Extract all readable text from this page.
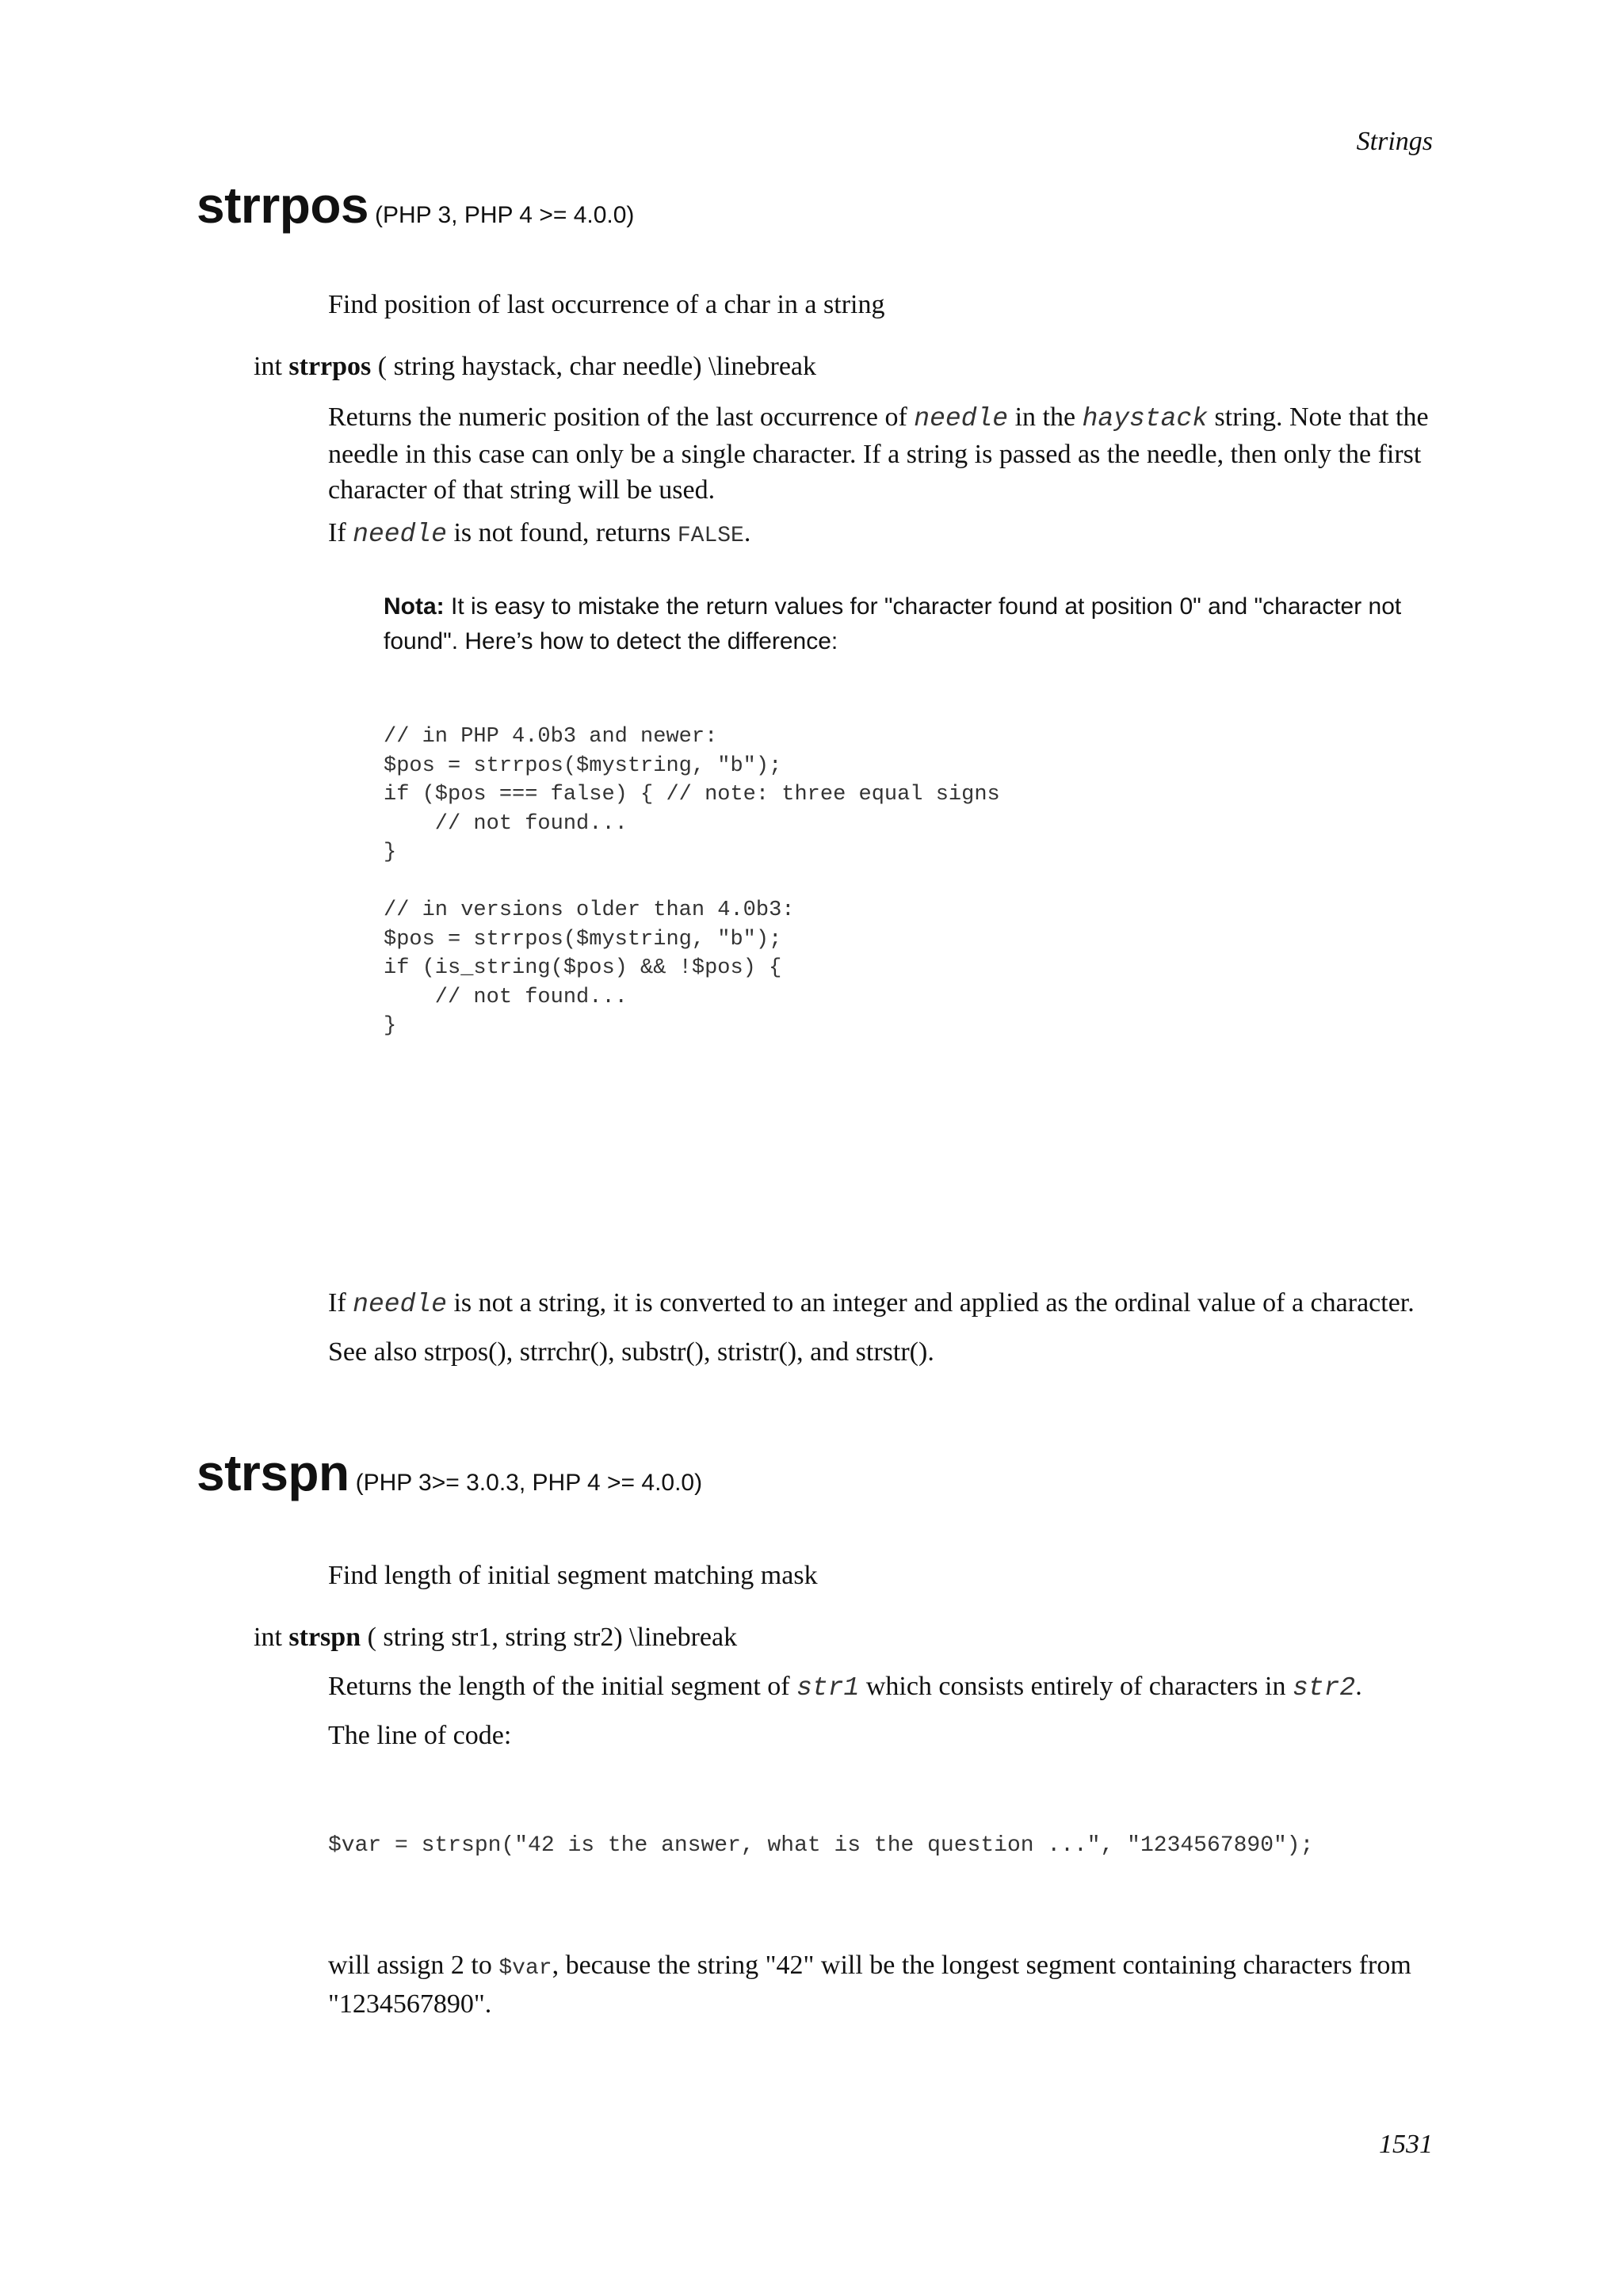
Strings
strrpos (PHP 3, PHP 4 >= 4.0.0)
Find position of last occurrence of a char in a string
int strrpos ( string haystack, char needle) \linebreak
Returns the numeric position of the last occurrence of needle in the haystack string. Note that the needle in this case can only be a single character. If a string is passed as the needle, then only the first character of that string will be used.
If needle is not found, returns FALSE.
Nota: It is easy to mistake the return values for "character found at position 0" and "character not found". Here’s how to detect the difference:
// in PHP 4.0b3 and newer:
$pos = strrpos($mystring, "b");
if ($pos === false) { // note: three equal signs
// not found...
}

// in versions older than 4.0b3:
$pos = strrpos($mystring, "b");
if (is_string($pos) && !$pos) {
// not found...
}
If needle is not a string, it is converted to an integer and applied as the ordinal value of a character.
See also strpos(), strrchr(), substr(), stristr(), and strstr().
strspn (PHP 3>= 3.0.3, PHP 4 >= 4.0.0)
Find length of initial segment matching mask
int strspn ( string str1, string str2) \linebreak
Returns the length of the initial segment of str1 which consists entirely of characters in str2.
The line of code:
$var = strspn("42 is the answer, what is the question ...", "1234567890");
will assign 2 to $var, because the string "42" will be the longest segment containing characters from "1234567890".
1531
